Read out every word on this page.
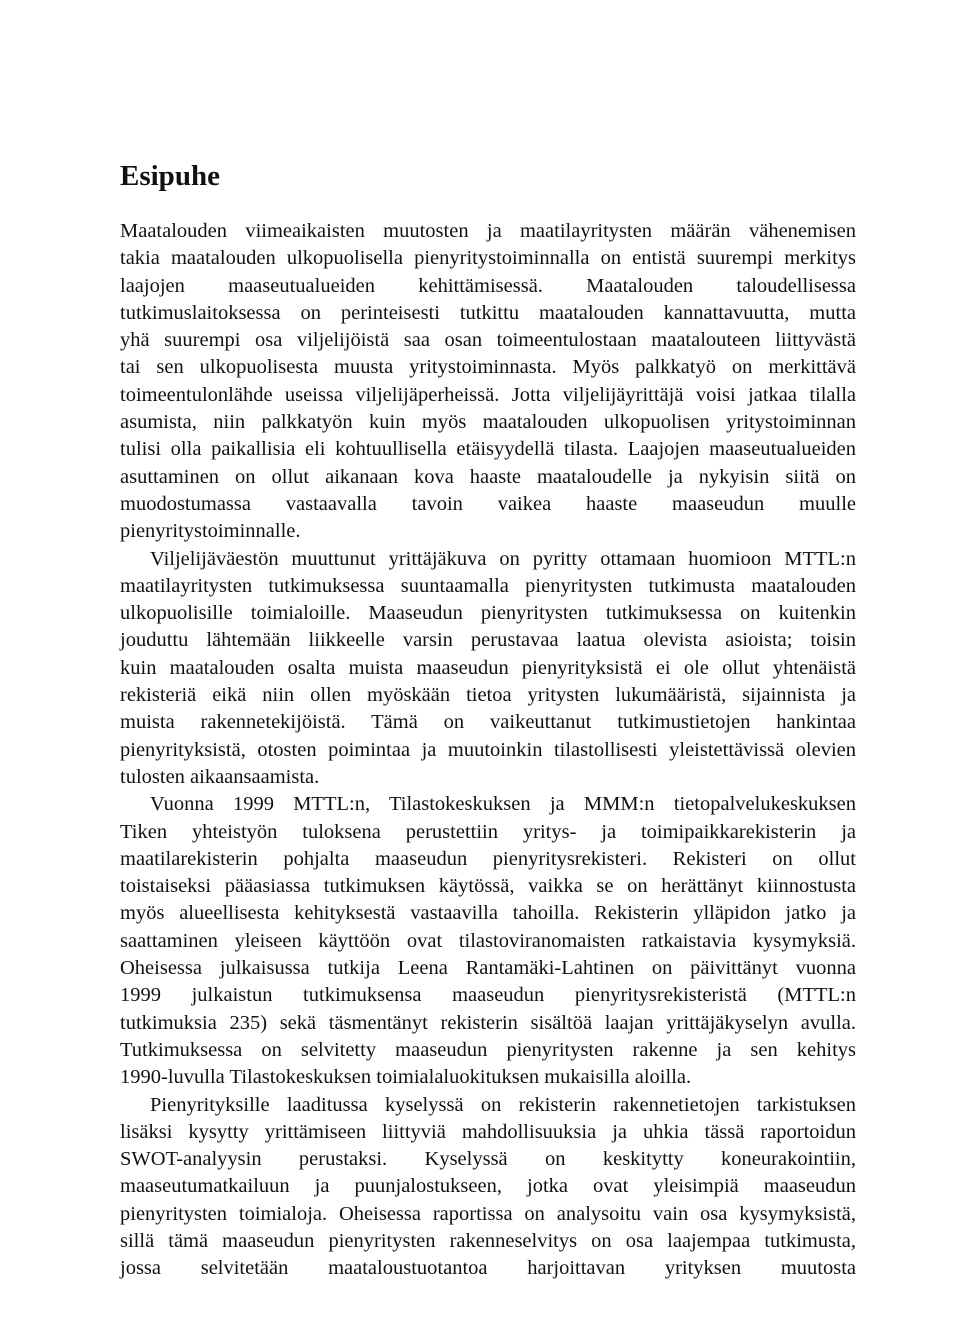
Esipuhe
Maatalouden viimeaikaisten muutosten ja maatilayritysten määrän vähenemisen
takia maatalouden ulkopuolisella pienyritystoiminnalla on entistä suurempi merkitys
laajojen maaseutualueiden kehittämisessä. Maatalouden taloudellisessa
tutkimuslaitoksessa on perinteisesti tutkittu maatalouden kannattavuutta, mutta
yhä suurempi osa viljelijöistä saa osan toimeentulostaan maatalouteen liittyvästä
tai sen ulkopuolisesta muusta yritystoiminnasta. Myös palkkatyö on merkittävä
toimeentulonlähde useissa viljelijäperheissä. Jotta viljelijäyrittäjä voisi jatkaa tilalla
asumista, niin palkkatyön kuin myös maatalouden ulkopuolisen yritystoiminnan
tulisi olla paikallisia eli kohtuullisella etäisyydellä tilasta. Laajojen maaseutualueiden
asuttaminen on ollut aikanaan kova haaste maataloudelle ja nykyisin siitä on
muodostumassa vastaavalla tavoin vaikea haaste maaseudun muulle
pienyritystoiminnalle.
Viljelijäväestön muuttunut yrittäjäkuva on pyritty ottamaan huomioon MTTL:n
maatilayritysten tutkimuksessa suuntaamalla pienyritysten tutkimusta maatalouden
ulkopuolisille toimialoille. Maaseudun pienyritysten tutkimuksessa on kuitenkin
jouduttu lähtemään liikkeelle varsin perustavaa laatua olevista asioista; toisin
kuin maatalouden osalta muista maaseudun pienyrityksistä ei ole ollut yhtenäistä
rekisteriä eikä niin ollen myöskään tietoa yritysten lukumääristä, sijainnista ja
muista rakennetekijöistä. Tämä on vaikeuttanut tutkimustietojen hankintaa
pienyrityksistä, otosten poimintaa ja muutoinkin tilastollisesti yleistettävissä olevien
tulosten aikaansaamista.
Vuonna 1999 MTTL:n, Tilastokeskuksen ja MMM:n tietopalvelukeskuksen
Tiken yhteistyön tuloksena perustettiin yritys- ja toimipaikkarekisterin ja
maatilarekisterin pohjalta maaseudun pienyritysrekisteri. Rekisteri on ollut
toistaiseksi pääasiassa tutkimuksen käytössä, vaikka se on herättänyt kiinnostusta
myös alueellisesta kehityksestä vastaavilla tahoilla. Rekisterin ylläpidon jatko ja
saattaminen yleiseen käyttöön ovat tilastoviranomaisten ratkaistavia kysymyksiä.
Oheisessa julkaisussa tutkija Leena Rantamäki-Lahtinen on päivittänyt vuonna
1999 julkaistun tutkimuksensa maaseudun pienyritysrekisteristä (MTTL:n
tutkimuksia 235) sekä täsmentänyt rekisterin sisältöä laajan yrittäjäkyselyn avulla.
Tutkimuksessa on selvitetty maaseudun pienyritysten rakenne ja sen kehitys
1990-luvulla Tilastokeskuksen toimialaluokituksen mukaisilla aloilla.
Pienyrityksille laaditussa kyselyssä on rekisterin rakennetietojen tarkistuksen
lisäksi kysytty yrittämiseen liittyviä mahdollisuuksia ja uhkia tässä raportoidun
SWOT-analyysin perustaksi. Kyselyssä on keskitytty koneurakointiin,
maaseutumatkailuun ja puunjalostukseen, jotka ovat yleisimpiä maaseudun
pienyritysten toimialoja. Oheisessa raportissa on analysoitu vain osa kysymyksistä,
sillä tämä maaseudun pienyritysten rakenneselvitys on osa laajempaa tutkimusta,
jossa selvitetään maataloustuotantoa harjoittavan yrityksen muutosta
